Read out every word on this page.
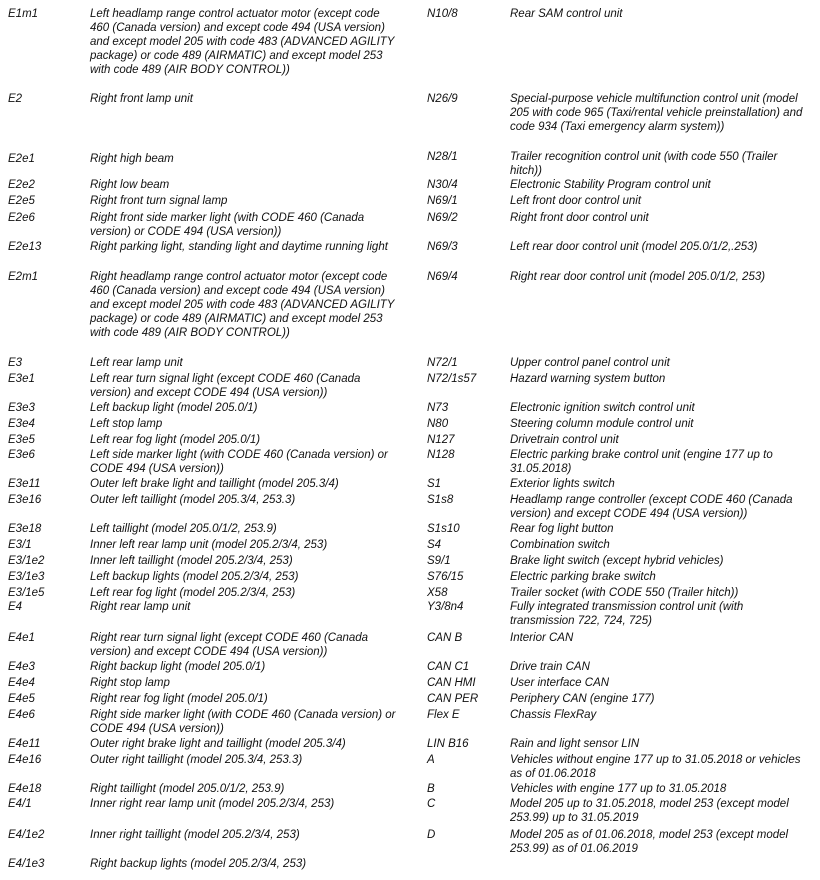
E1m1	Left headlamp range control actuator motor (except code 460 (Canada version) and except code 494 (USA version) and except model 205 with code 483 (ADVANCED AGILITY package) or code 489 (AIRMATIC) and except model 253 with code 489 (AIR BODY CONTROL))
E2	Right front lamp unit
E2e1	Right high beam
E2e2	Right low beam
E2e5	Right front turn signal lamp
E2e6	Right front side marker light (with CODE 460 (Canada version) or CODE 494 (USA version))
E2e13	Right parking light, standing light and daytime running light
E2m1	Right headlamp range control actuator motor (except code 460 (Canada version) and except code 494 (USA version) and except model 205 with code 483 (ADVANCED AGILITY package) or code 489 (AIRMATIC) and except model 253 with code 489 (AIR BODY CONTROL))
E3	Left rear lamp unit
E3e1	Left rear turn signal light (except CODE 460 (Canada version) and except CODE 494 (USA version))
E3e3	Left backup light (model 205.0/1)
E3e4	Left stop lamp
E3e5	Left rear fog light (model 205.0/1)
E3e6	Left side marker light (with CODE 460 (Canada version) or CODE 494 (USA version))
E3e11	Outer left brake light and taillight (model 205.3/4)
E3e16	Outer left taillight (model 205.3/4, 253.3)
E3e18	Left taillight (model 205.0/1/2, 253.9)
E3/1	Inner left rear lamp unit (model 205.2/3/4, 253)
E3/1e2	Inner left taillight (model 205.2/3/4, 253)
E3/1e3	Left backup lights (model 205.2/3/4, 253)
E3/1e5	Left rear fog light (model 205.2/3/4, 253)
E4	Right rear lamp unit
E4e1	Right rear turn signal light (except CODE 460 (Canada version) and except CODE 494 (USA version))
E4e3	Right backup light (model 205.0/1)
E4e4	Right stop lamp
E4e5	Right rear fog light (model 205.0/1)
E4e6	Right side marker light (with CODE 460 (Canada version) or CODE 494 (USA version))
E4e11	Outer right brake light and taillight (model 205.3/4)
E4e16	Outer right taillight (model 205.3/4, 253.3)
E4e18	Right taillight (model 205.0/1/2, 253.9)
E4/1	Inner right rear lamp unit (model 205.2/3/4, 253)
E4/1e2	Inner right taillight (model 205.2/3/4, 253)
E4/1e3	Right backup lights (model 205.2/3/4, 253)
N10/8	Rear SAM control unit
N26/9	Special-purpose vehicle multifunction control unit (model 205 with code 965 (Taxi/rental vehicle preinstallation) and code 934 (Taxi emergency alarm system))
N28/1	Trailer recognition control unit (with code 550 (Trailer hitch))
N30/4	Electronic Stability Program control unit
N69/1	Left front door control unit
N69/2	Right front door control unit
N69/3	Left rear door control unit (model 205.0/1/2,.253)
N69/4	Right rear door control unit (model 205.0/1/2, 253)
N72/1	Upper control panel control unit
N72/1s57	Hazard warning system button
N73	Electronic ignition switch control unit
N80	Steering column module control unit
N127	Drivetrain control unit
N128	Electric parking brake control unit (engine 177 up to 31.05.2018)
S1	Exterior lights switch
S1s8	Headlamp range controller (except CODE 460 (Canada version) and except CODE 494 (USA version))
S1s10	Rear fog light button
S4	Combination switch
S9/1	Brake light switch (except hybrid vehicles)
S76/15	Electric parking brake switch
X58	Trailer socket (with CODE 550 (Trailer hitch))
Y3/8n4	Fully integrated transmission control unit (with transmission 722, 724, 725)
CAN B	Interior CAN
CAN C1	Drive train CAN
CAN HMI	User interface CAN
CAN PER	Periphery CAN (engine 177)
Flex E	Chassis FlexRay
LIN B16	Rain and light sensor LIN
A	Vehicles without engine 177 up to 31.05.2018 or vehicles as of 01.06.2018
B	Vehicles with engine 177 up to 31.05.2018
C	Model 205 up to 31.05.2018, model 253 (except model 253.99) up to 31.05.2019
D	Model 205 as of 01.06.2018, model 253 (except model 253.99) as of 01.06.2019
